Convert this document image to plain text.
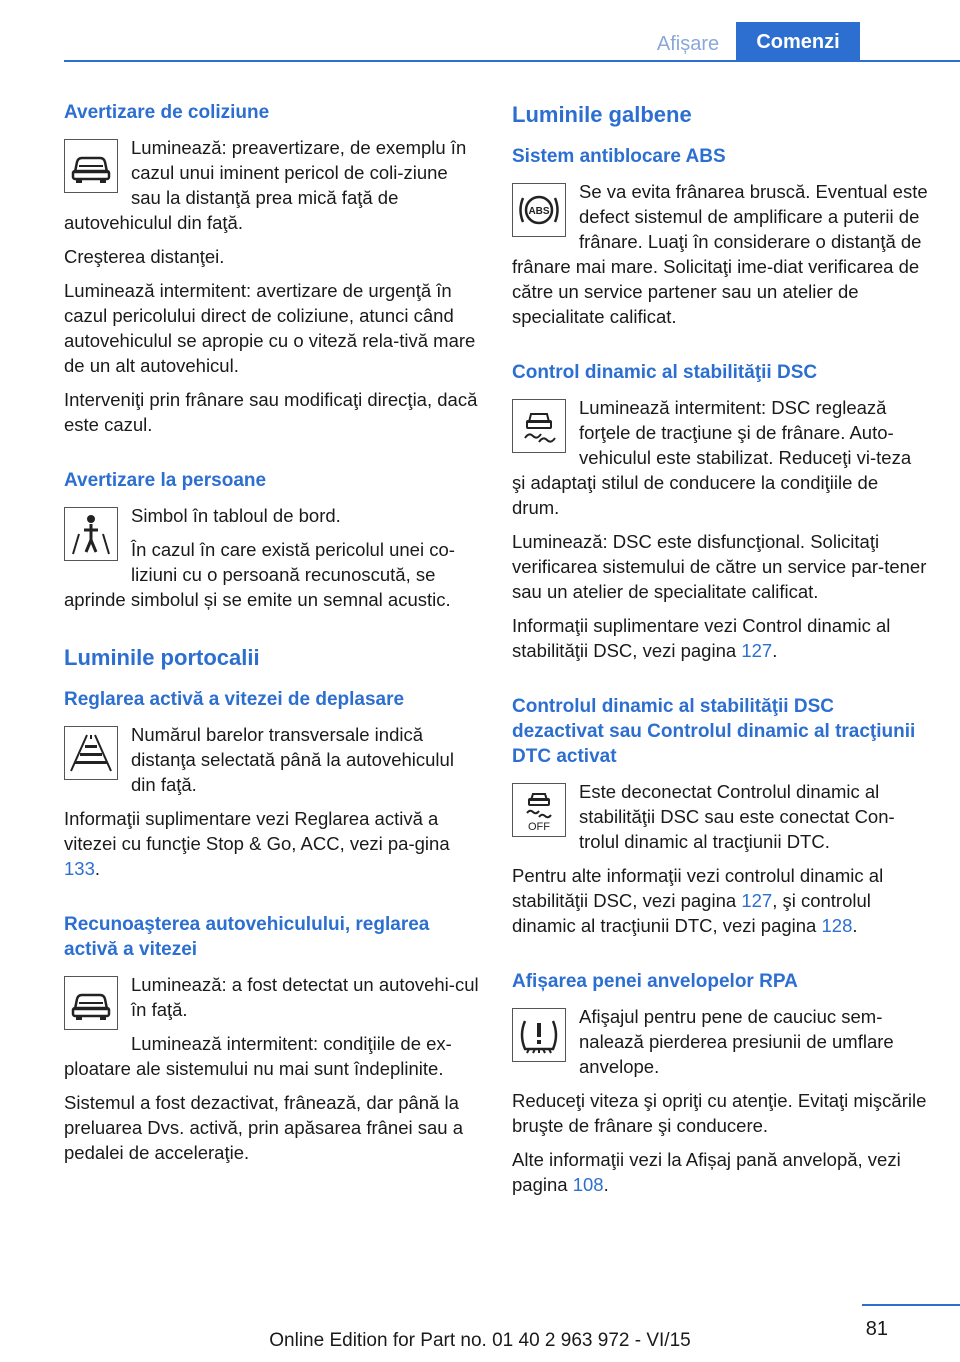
Afișare	Comenzi
Avertizare de coliziune

Luminează: preavertizare, de exemplu în cazul unui iminent pericol de coli‐ziune sau la distanţă prea mică faţă de autovehiculul din faţă.

Creşterea distanţei.

Luminează intermitent: avertizare de urgenţă în cazul pericolului direct de coliziune, atunci când autovehiculul se apropie cu o viteză rela‐tivă mare de un alt autovehicul.

Interveniţi prin frânare sau modificaţi direcţia, dacă este cazul.

Avertizare la persoane

Simbol în tabloul de bord.

În cazul în care există pericolul unei co‐liziuni cu o persoană recunoscută, se aprinde simbolul și se emite un semnal acustic.

Luminile portocalii
Reglarea activă a vitezei de deplasare

Numărul barelor transversale indică distanţa selectată până la autovehiculul din faţă.

Informaţii suplimentare vezi Reglarea activă a vitezei cu funcţie Stop & Go, ACC, vezi pa‐gina 133.

Recunoaşterea autovehiculului, reglarea activă a vitezei

Luminează: a fost detectat un autovehi‐cul în faţă.

Luminează intermitent: condiţiile de ex‐ploatare ale sistemului nu mai sunt îndeplinite.

Sistemul a fost dezactivat, frânează, dar până la preluarea Dvs. activă, prin apăsarea frânei sau a pedalei de acceleraţie.

Luminile galbene
Sistem antiblocare ABS
ABS

Se va evita frânarea bruscă. Eventual este defect sistemul de amplificare a puterii de frânare. Luaţi în considerare o distanţă de frânare mai mare. Solicitaţi ime‐diat verificarea de către un service partener sau un atelier de specialitate calificat.

Control dinamic al stabilităţii DSC

Luminează intermitent: DSC reglează forţele de tracţiune şi de frânare. Auto‐vehiculul este stabilizat. Reduceţi vi‐teza şi adaptaţi stilul de conducere la condiţiile de drum.

Luminează: DSC este disfuncţional. Solicitaţi verificarea sistemului de către un service par‐tener sau un atelier de specialitate calificat.

Informaţii suplimentare vezi Control dinamic al stabilităţii DSC, vezi pagina 127.

Controlul dinamic al stabilităţii DSC dezactivat sau Controlul dinamic al tracţiunii DTC activat
OFF

Este deconectat Controlul dinamic al stabilităţii DSC sau este conectat Con‐trolul dinamic al tracţiunii DTC.

Pentru alte informaţii vezi controlul dinamic al stabilităţii DSC, vezi pagina 127, şi controlul dinamic al tracţiunii DTC, vezi pagina 128.

Afișarea penei anvelopelor RPA

Afişajul pentru pene de cauciuc sem‐nalează pierderea presiunii de umflare anvelope.

Reduceţi viteza şi opriţi cu atenţie. Evitaţi mişcările bruşte de frânare şi conducere.

Alte informaţii vezi la Afișaj pană anvelopă, vezi pagina 108.

81
Online Edition for Part no. 01 40 2 963 972 - VI/15
